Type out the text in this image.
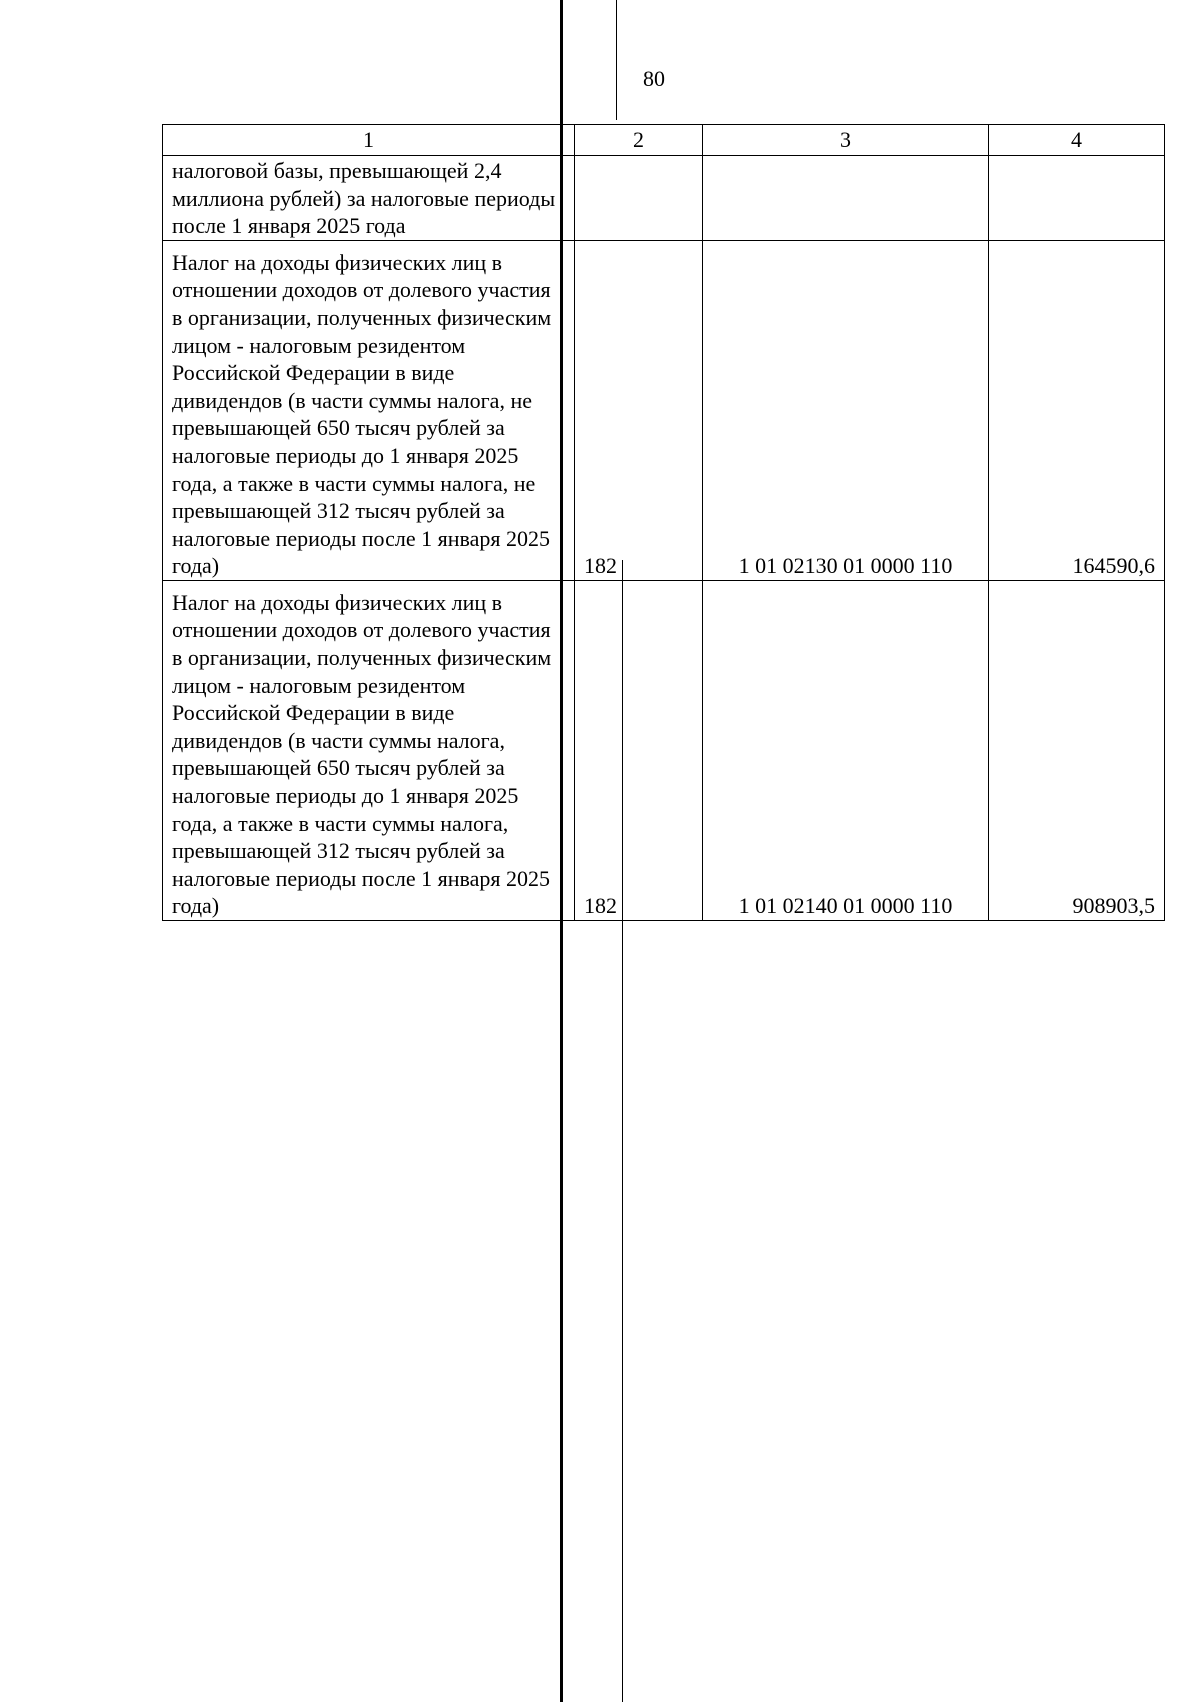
80
1	2	3	4
налоговой базы, превышающей 2,4 миллиона рублей) за налоговые периоды после 1 января 2025 года			
Налог на доходы физических лиц в отношении доходов от долевого участия в организации, полученных физическим лицом - налоговым резидентом Российской Федерации в виде дивидендов (в части суммы налога, не превышающей 650 тысяч рублей за налоговые периоды до 1 января 2025 года, а также в части суммы налога, не превышающей 312 тысяч рублей за налоговые периоды после 1 января 2025 года)	182	1 01 02130 01 0000 110	164590,6
Налог на доходы физических лиц в отношении доходов от долевого участия в организации, полученных физическим лицом - налоговым резидентом Российской Федерации в виде дивидендов (в части суммы налога, превышающей 650 тысяч рублей за налоговые периоды до 1 января 2025 года, а также в части суммы налога, превышающей 312 тысяч рублей за налоговые периоды после 1 января 2025 года)	182	1 01 02140 01 0000 110	908903,5
